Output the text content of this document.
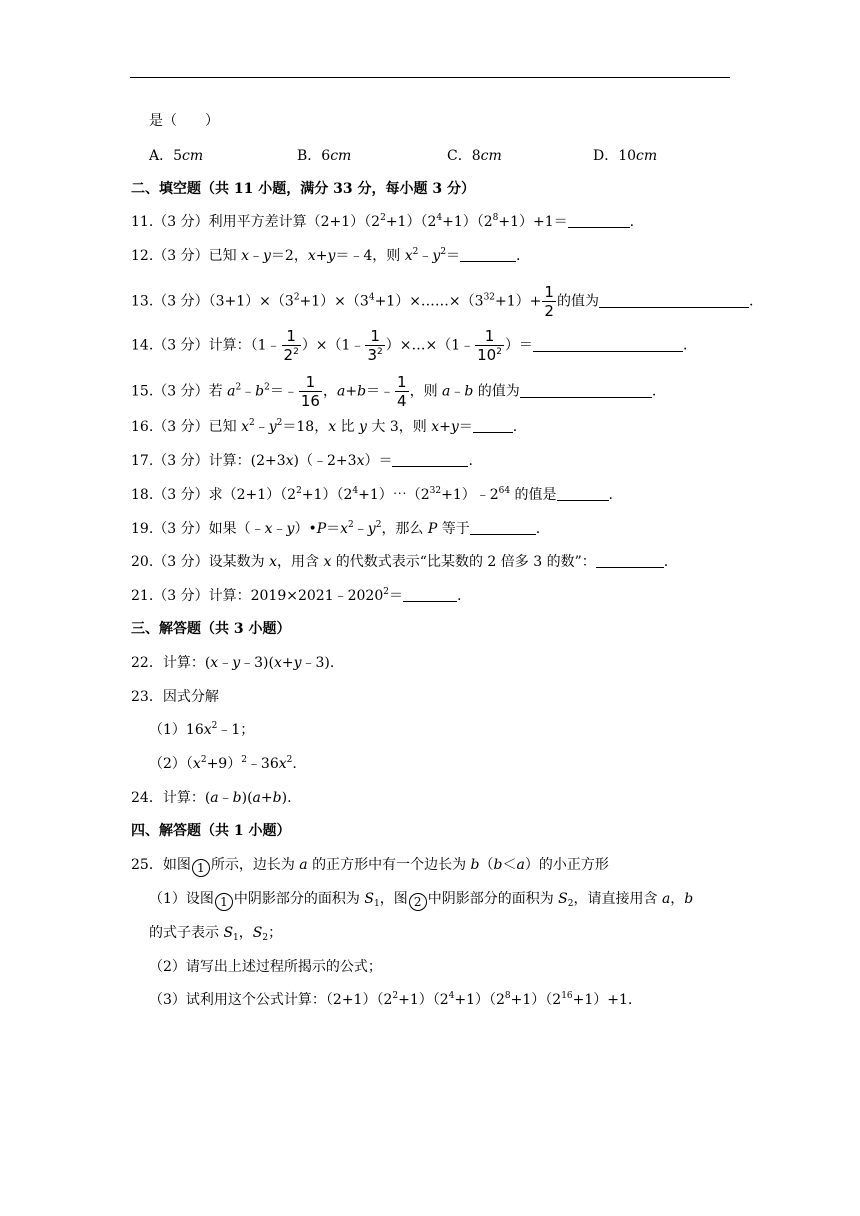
是（　　）
A．5cm	B．6cm	C．8cm	D．10cm
二、填空题（共 11 小题，满分 33 分，每小题 3 分）
11.（3 分）利用平方差计算$(2+1)(2^2+1)(2^4+1)(2^8+1)+1=$	.
12.（3 分）已知 x﹣y＝2，x+y＝﹣4，则 $x^2﹣y^2=$	.
13.（3 分）$(3+1)\times(3^2+1)\times(3^4+1)\times\dots\dots\times(3^{32}+1)+ \frac{1}{2}$ 的值为	.
14.（3 分）计算：（1﹣ $\frac{1}{2^2}$ ）×（1﹣ $\frac{1}{3^2}$ ）×…×（1﹣ $\frac{1}{10^2}$ ）＝	.
15.（3 分）若 $a^2﹣b^2=﹣ \frac{1}{16}$ ，a+b＝﹣ $\frac{1}{4}$ ，则 a﹣b 的值为	.
16.（3 分）已知 $x^2﹣y^2=18$，x 比 y 大 3，则 x+y＝	.
17.（3 分）计算：(2+3x)（﹣2+3x）＝	.
18.（3 分）求$(2+1)(2^2+1)(2^4+1)\cdots(2^{32}+1)﹣2^{64}$ 的值是	.
19.（3 分）如果$(﹣x﹣y)•P=x^2﹣y^2$，那么 P 等于	.
20.（3 分）设某数为 x，用含 x 的代数式表示“比某数的 2 倍多 3 的数”：	.
21.（3 分）计算：$2019\times 2021﹣2020^2=$	.
三、解答题（共 3 小题）
22．计算：(x﹣y﹣3)(x+y﹣3).
23．因式分解
$(1)16x^2﹣1$；
$(2)(x^2+9)^2﹣36x^2$.
24．计算：(a﹣b)(a+b).
四、解答题（共 1 小题）
25．如图 1 所示，边长为 a 的正方形中有一个边长为 b（b＜a）的小正方形
（1）设图 1 中阴影部分的面积为 $S_1$，图 2 中阴影部分的面积为 $S_2$，请直接用含 a，b
的式子表示 $S_1$，$S_2$；
（2）请写出上述过程所揭示的公式；
（3）试利用这个公式计算：$(2+1)(2^2+1)(2^4+1)(2^8+1)(2^{16}+1)+1$.
